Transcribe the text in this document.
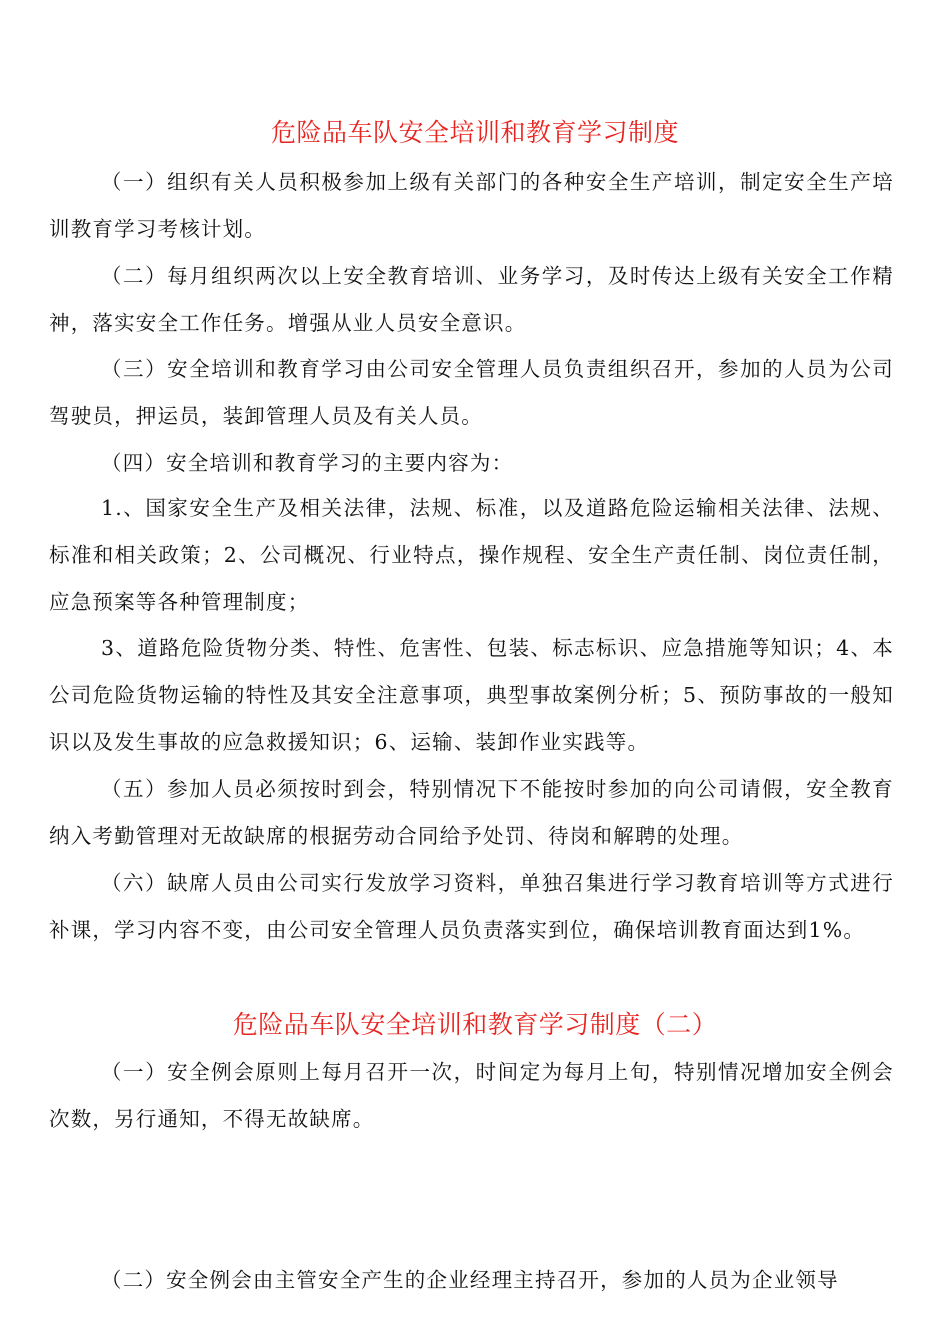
危险品车队安全培训和教育学习制度
（一）组织有关人员积极参加上级有关部门的各种安全生产培训，制定安全生产培训教育学习考核计划。
（二）每月组织两次以上安全教育培训、业务学习，及时传达上级有关安全工作精神，落实安全工作任务。增强从业人员安全意识。
（三）安全培训和教育学习由公司安全管理人员负责组织召开，参加的人员为公司驾驶员，押运员，装卸管理人员及有关人员。
（四）安全培训和教育学习的主要内容为：
1.、国家安全生产及相关法律，法规、标准，以及道路危险运输相关法律、法规、标准和相关政策；2、公司概况、行业特点，操作规程、安全生产责任制、岗位责任制，应急预案等各种管理制度；
3、道路危险货物分类、特性、危害性、包装、标志标识、应急措施等知识；4、本公司危险货物运输的特性及其安全注意事项，典型事故案例分析；5、预防事故的一般知识以及发生事故的应急救援知识；6、运输、装卸作业实践等。
（五）参加人员必须按时到会，特别情况下不能按时参加的向公司请假，安全教育纳入考勤管理对无故缺席的根据劳动合同给予处罚、待岗和解聘的处理。
（六）缺席人员由公司实行发放学习资料，单独召集进行学习教育培训等方式进行补课，学习内容不变，由公司安全管理人员负责落实到位，确保培训教育面达到1%。
危险品车队安全培训和教育学习制度（二）
（一）安全例会原则上每月召开一次，时间定为每月上旬，特别情况增加安全例会次数，另行通知，不得无故缺席。
（二）安全例会由主管安全产生的企业经理主持召开，参加的人员为企业领导
